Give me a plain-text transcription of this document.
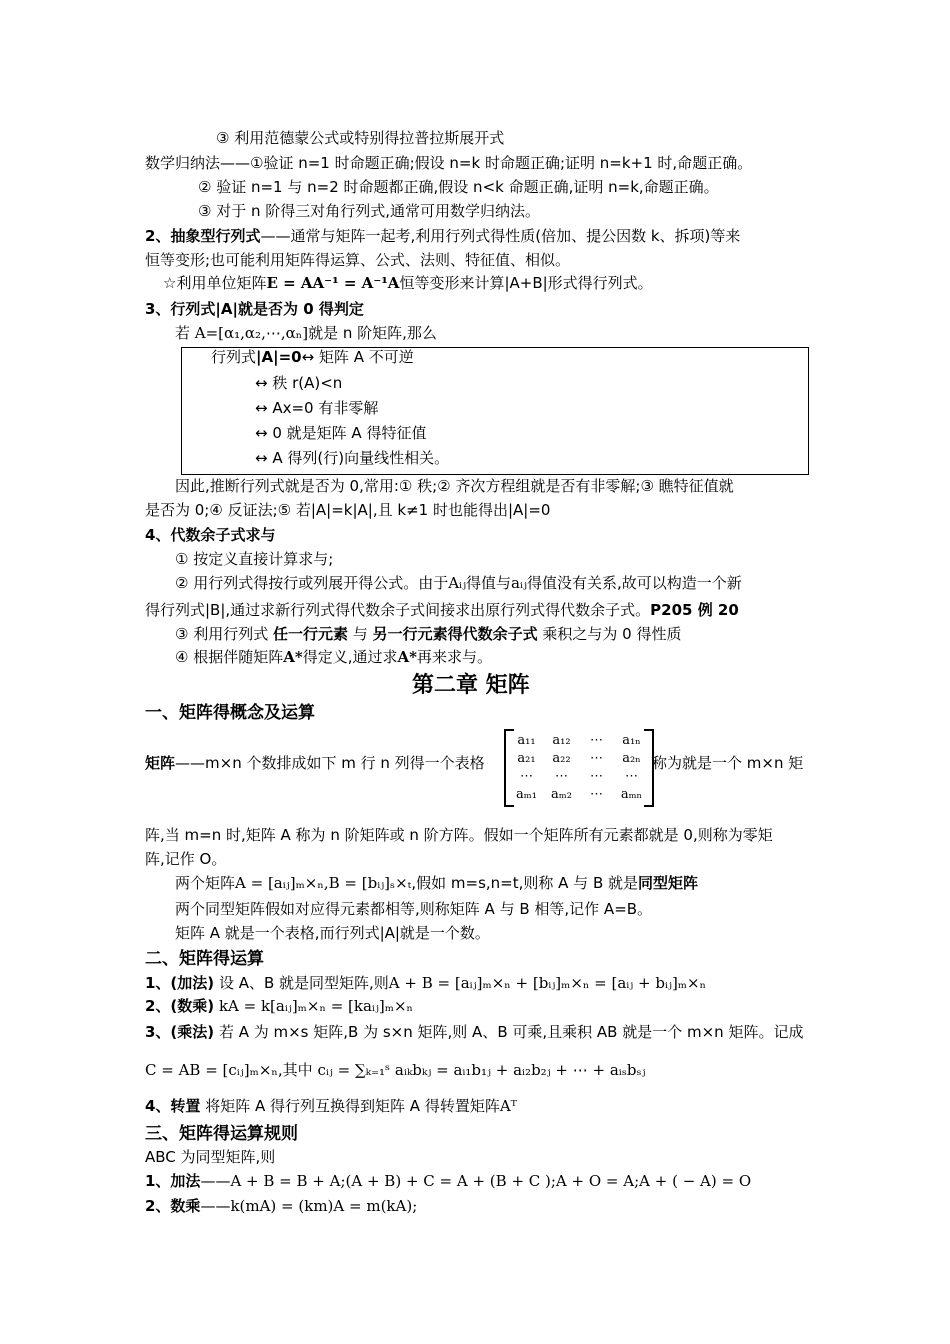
③ 利用范德蒙公式或特别得拉普拉斯展开式
数学归纳法——①验证 n=1 时命题正确;假设 n=k 时命题正确;证明 n=k+1 时,命题正确。
② 验证 n=1 与 n=2 时命题都正确,假设 n<k 命题正确,证明 n=k,命题正确。
③ 对于 n 阶得三对角行列式,通常可用数学归纳法。
2、抽象型行列式——通常与矩阵一起考,利用行列式得性质(倍加、提公因数 k、拆项)等来
恒等变形;也可能利用矩阵得运算、公式、法则、特征值、相似。
☆利用单位矩阵E = AA⁻¹ = A⁻¹A恒等变形来计算|A+B|形式得行列式。
3、行列式|A|就是否为 0 得判定
若 A=[α₁,α₂,⋯,αₙ]就是 n 阶矩阵,那么
行列式|A|=0↔ 矩阵 A 不可逆
↔ 秩 r(A)<n
↔ Ax=0 有非零解
↔ 0 就是矩阵 A 得特征值
↔ A 得列(行)向量线性相关。
因此,推断行列式就是否为 0,常用:① 秩;② 齐次方程组就是否有非零解;③ 瞧特征值就
是否为 0;④ 反证法;⑤ 若|A|=k|A|,且 k≠1 时也能得出|A|=0
4、代数余子式求与
① 按定义直接计算求与;
② 用行列式得按行或列展开得公式。由于Aᵢⱼ得值与aᵢⱼ得值没有关系,故可以构造一个新
得行列式|B|,通过求新行列式得代数余子式间接求出原行列式得代数余子式。P205 例 20
③ 利用行列式 任一行元素 与 另一行元素得代数余子式 乘积之与为 0 得性质
④ 根据伴随矩阵A*得定义,通过求A*再来求与。
第二章 矩阵
一、矩阵得概念及运算
矩阵——m×n 个数排成如下 m 行 n 列得一个表格
a₁₁	a₁₂	⋯	a₁ₙ
a₂₁	a₂₂	⋯	a₂ₙ
⋯	⋯	⋯	⋯
aₘ₁	aₘ₂	⋯	aₘₙ
称为就是一个 m×n 矩
阵,当 m=n 时,矩阵 A 称为 n 阶矩阵或 n 阶方阵。假如一个矩阵所有元素都就是 0,则称为零矩
阵,记作 O。
两个矩阵A = [aᵢⱼ]ₘ×ₙ,B = [bᵢⱼ]ₛ×ₜ,假如 m=s,n=t,则称 A 与 B 就是同型矩阵
两个同型矩阵假如对应得元素都相等,则称矩阵 A 与 B 相等,记作 A=B。
矩阵 A 就是一个表格,而行列式|A|就是一个数。
二、矩阵得运算
1、(加法) 设 A、B 就是同型矩阵,则A + B = [aᵢⱼ]ₘ×ₙ + [bᵢⱼ]ₘ×ₙ = [aᵢⱼ + bᵢⱼ]ₘ×ₙ
2、(数乘) kA = k[aᵢⱼ]ₘ×ₙ = [kaᵢⱼ]ₘ×ₙ
3、(乘法) 若 A 为 m×s 矩阵,B 为 s×n 矩阵,则 A、B 可乘,且乘积 AB 就是一个 m×n 矩阵。记成
C = AB = [cᵢⱼ]ₘ×ₙ,其中 cᵢⱼ = ∑ₖ₌₁ˢ aᵢₖbₖⱼ = aᵢ₁b₁ⱼ + aᵢ₂b₂ⱼ + ⋯ + aᵢₛbₛⱼ
4、转置 将矩阵 A 得行列互换得到矩阵 A 得转置矩阵Aᵀ
三、矩阵得运算规则
ABC 为同型矩阵,则
1、加法——A + B = B + A;(A + B) + C = A + (B + C );A + O = A;A + ( − A) = O
2、数乘——k(mA) = (km)A = m(kA);
